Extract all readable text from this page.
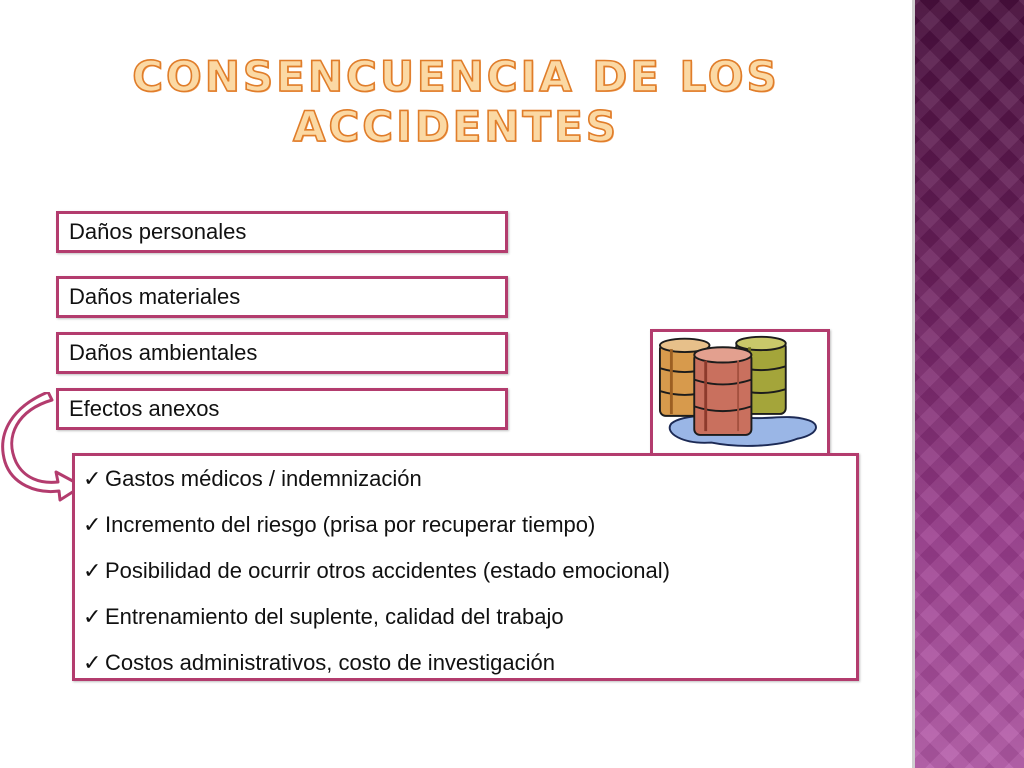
CONSENCUENCIA DE LOS ACCIDENTES
Daños personales
Daños materiales
Daños ambientales
Efectos anexos
✓ Gastos médicos / indemnización
✓ Incremento del riesgo (prisa por recuperar tiempo)
✓ Posibilidad de ocurrir otros accidentes (estado emocional)
✓ Entrenamiento del suplente, calidad del trabajo
✓ Costos administrativos, costo de investigación
